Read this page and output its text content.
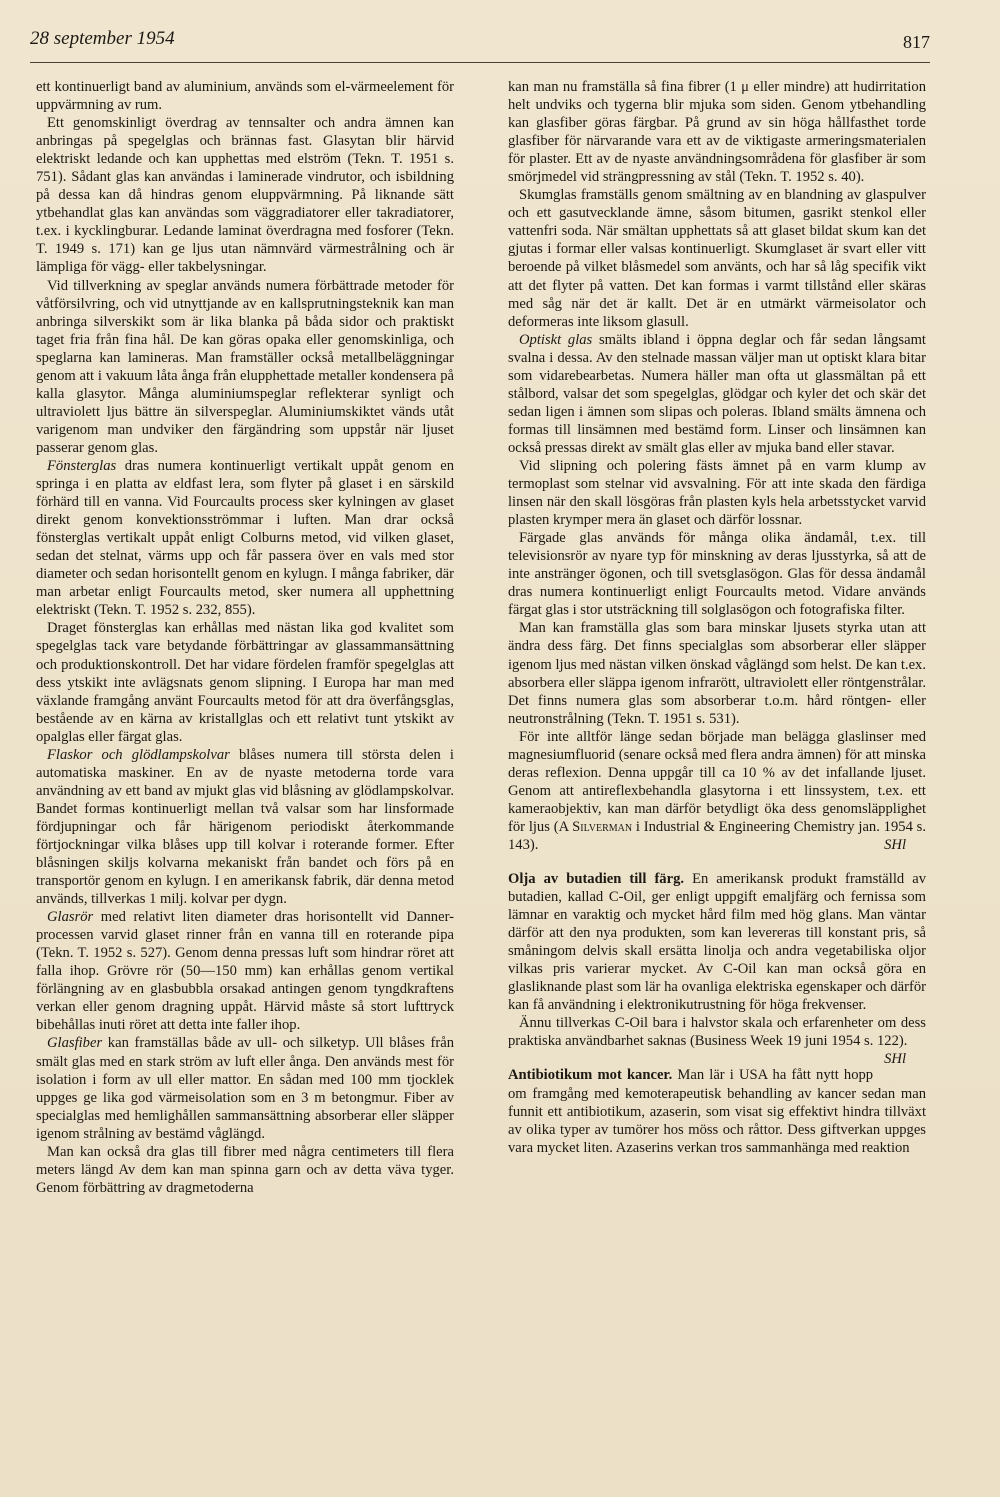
28 september 1954	817

ett kontinuerligt band av aluminium, används som el-värmeelement för uppvärmning av rum.

Ett genomskinligt överdrag av tennsalter och andra ämnen kan anbringas på spegelglas och brännas fast. Glasytan blir härvid elektriskt ledande och kan upphettas med elström (Tekn. T. 1951 s. 751). Sådant glas kan användas i laminerade vindrutor, och isbildning på dessa kan då hindras genom eluppvärmning. På liknande sätt ytbehandlat glas kan användas som väggradiatorer eller takradiatorer, t.ex. i kycklingburar. Ledande laminat överdragna med fosforer (Tekn. T. 1949 s. 171) kan ge ljus utan nämnvärd värmestrålning och är lämpliga för vägg- eller takbelysningar.

Vid tillverkning av speglar används numera förbättrade metoder för våtförsilvring, och vid utnyttjande av en kallsprutningsteknik kan man anbringa silverskikt som är lika blanka på båda sidor och praktiskt taget fria från fina hål. De kan göras opaka eller genomskinliga, och speglarna kan lamineras. Man framställer också metallbeläggningar genom att i vakuum låta ånga från elupphettade metaller kondensera på kalla glasytor. Många aluminiumspeglar reflekterar synligt och ultraviolett ljus bättre än silverspeglar. Aluminiumskiktet vänds utåt varigenom man undviker den färgändring som uppstår när ljuset passerar genom glas.

Fönsterglas dras numera kontinuerligt vertikalt uppåt genom en springa i en platta av eldfast lera, som flyter på glaset i en särskild förhärd till en vanna. Vid Fourcaults process sker kylningen av glaset direkt genom konvektionsströmmar i luften. Man drar också fönsterglas vertikalt uppåt enligt Colburns metod, vid vilken glaset, sedan det stelnat, värms upp och får passera över en vals med stor diameter och sedan horisontellt genom en kylugn. I många fabriker, där man arbetar enligt Fourcaults metod, sker numera all upphettning elektriskt (Tekn. T. 1952 s. 232, 855).

Draget fönsterglas kan erhållas med nästan lika god kvalitet som spegelglas tack vare betydande förbättringar av glassammansättning och produktionskontroll. Det har vidare fördelen framför spegelglas att dess ytskikt inte avlägsnats genom slipning. I Europa har man med växlande framgång använt Fourcaults metod för att dra överfångsglas, bestående av en kärna av kristallglas och ett relativt tunt ytskikt av opalglas eller färgat glas.

Flaskor och glödlampskolvar blåses numera till största delen i automatiska maskiner. En av de nyaste metoderna torde vara användning av ett band av mjukt glas vid blåsning av glödlampskolvar. Bandet formas kontinuerligt mellan två valsar som har linsformade fördjupningar och får härigenom periodiskt återkommande förtjockningar vilka blåses upp till kolvar i roterande former. Efter blåsningen skiljs kolvarna mekaniskt från bandet och förs på en transportör genom en kylugn. I en amerikansk fabrik, där denna metod används, tillverkas 1 milj. kolvar per dygn.

Glasrör med relativt liten diameter dras horisontellt vid Danner-processen varvid glaset rinner från en vanna till en roterande pipa (Tekn. T. 1952 s. 527). Genom denna pressas luft som hindrar röret att falla ihop. Grövre rör (50—150 mm) kan erhållas genom vertikal förlängning av en glasbubbla orsakad antingen genom tyngdkraftens verkan eller genom dragning uppåt. Härvid måste så stort lufttryck bibehållas inuti röret att detta inte faller ihop.

Glasfiber kan framställas både av ull- och silketyp. Ull blåses från smält glas med en stark ström av luft eller ånga. Den används mest för isolation i form av ull eller mattor. En sådan med 100 mm tjocklek uppges ge lika god värmeisolation som en 3 m betongmur. Fiber av specialglas med hemlighållen sammansättning absorberar eller släpper igenom strålning av bestämd våglängd.

Man kan också dra glas till fibrer med några centimeters till flera meters längd Av dem kan man spinna garn och av detta väva tyger. Genom förbättring av dragmetoderna

kan man nu framställa så fina fibrer (1 μ eller mindre) att hudirritation helt undviks och tygerna blir mjuka som siden. Genom ytbehandling kan glasfiber göras färgbar. På grund av sin höga hållfasthet torde glasfiber för närvarande vara ett av de viktigaste armeringsmaterialen för plaster. Ett av de nyaste användningsområdena för glasfiber är som smörjmedel vid strängpressning av stål (Tekn. T. 1952 s. 40).

Skumglas framställs genom smältning av en blandning av glaspulver och ett gasutvecklande ämne, såsom bitumen, gasrikt stenkol eller vattenfri soda. När smältan upphettats så att glaset bildat skum kan det gjutas i formar eller valsas kontinuerligt. Skumglaset är svart eller vitt beroende på vilket blåsmedel som använts, och har så låg specifik vikt att det flyter på vatten. Det kan formas i varmt tillstånd eller skäras med såg när det är kallt. Det är en utmärkt värmeisolator och deformeras inte liksom glasull.

Optiskt glas smälts ibland i öppna deglar och får sedan långsamt svalna i dessa. Av den stelnade massan väljer man ut optiskt klara bitar som vidarebearbetas. Numera häller man ofta ut glassmältan på ett stålbord, valsar det som spegelglas, glödgar och kyler det och skär det sedan ligen i ämnen som slipas och poleras. Ibland smälts ämnena och formas till linsämnen med bestämd form. Linser och linsämnen kan också pressas direkt av smält glas eller av mjuka band eller stavar.

Vid slipning och polering fästs ämnet på en varm klump av termoplast som stelnar vid avsvalning. För att inte skada den färdiga linsen när den skall lösgöras från plasten kyls hela arbetsstycket varvid plasten krymper mera än glaset och därför lossnar.

Färgade glas används för många olika ändamål, t.ex. till televisionsrör av nyare typ för minskning av deras ljusstyrka, så att de inte anstränger ögonen, och till svetsglasögon. Glas för dessa ändamål dras numera kontinuerligt enligt Fourcaults metod. Vidare används färgat glas i stor utsträckning till solglasögon och fotografiska filter.

Man kan framställa glas som bara minskar ljusets styrka utan att ändra dess färg. Det finns specialglas som absorberar eller släpper igenom ljus med nästan vilken önskad våglängd som helst. De kan t.ex. absorbera eller släppa igenom infrarött, ultraviolett eller röntgenstrålar. Det finns numera glas som absorberar t.o.m. hård röntgen- eller neutronstrålning (Tekn. T. 1951 s. 531).

För inte alltför länge sedan började man belägga glaslinser med magnesiumfluorid (senare också med flera andra ämnen) för att minska deras reflexion. Denna uppgår till ca 10 % av det infallande ljuset. Genom att antireflexbehandla glasytorna i ett linssystem, t.ex. ett kameraobjektiv, kan man därför betydligt öka dess genomsläpplighet för ljus (A Silverman i Industrial & Engineering Chemistry jan. 1954 s. 143).	SHl

Olja av butadien till färg. En amerikansk produkt framställd av butadien, kallad C-Oil, ger enligt uppgift emaljfärg och fernissa som lämnar en varaktig och mycket hård film med hög glans. Man väntar därför att den nya produkten, som kan levereras till konstant pris, så småningom delvis skall ersätta linolja och andra vegetabiliska oljor vilkas pris varierar mycket. Av C-Oil kan man också göra en glasliknande plast som lär ha ovanliga elektriska egenskaper och därför kan få användning i elektronikutrustning för höga frekvenser.

Ännu tillverkas C-Oil bara i halvstor skala och erfarenheter om dess praktiska användbarhet saknas (Business Week 19 juni 1954 s. 122).
SHl

Antibiotikum mot kancer. Man lär i USA ha fått nytt hopp om framgång med kemoterapeutisk behandling av kancer sedan man funnit ett antibiotikum, azaserin, som visat sig effektivt hindra tillväxt av olika typer av tumörer hos möss och råttor. Dess giftverkan uppges vara mycket liten. Azaserins verkan tros sammanhänga med reaktion
